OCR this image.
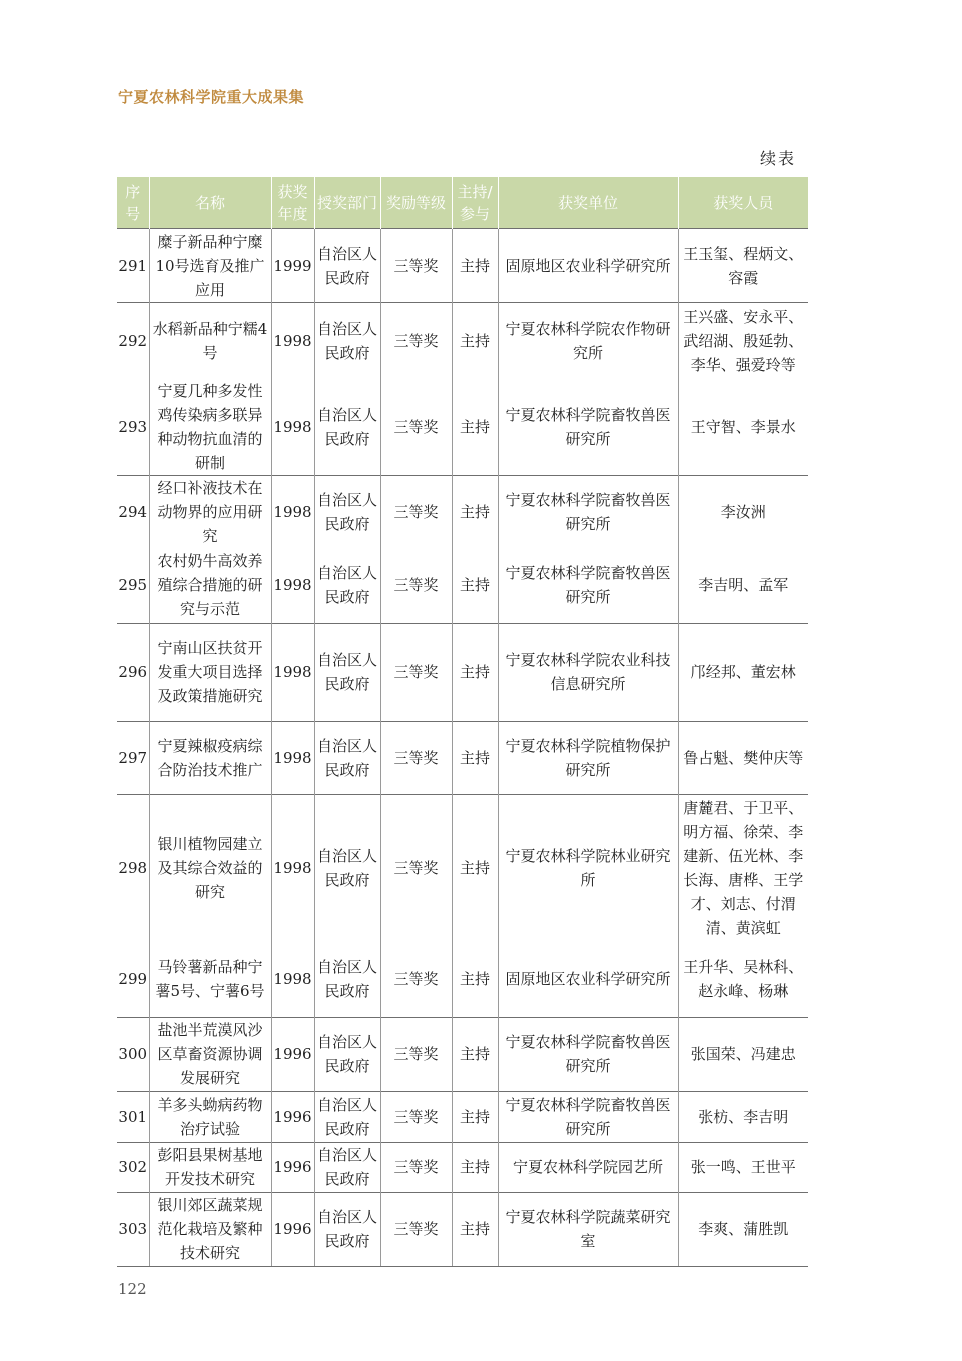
宁夏农林科学院重大成果集
续表
序号	名称	获奖年度	授奖部门	奖励等级	主持/参与	获奖单位	获奖人员
291	糜子新品种宁糜10号选育及推广应用	1999	自治区人民政府	三等奖	主持	固原地区农业科学研究所	王玉玺、程炳文、容霞
292	水稻新品种宁糯4号	1998	自治区人民政府	三等奖	主持	宁夏农林科学院农作物研究所	王兴盛、安永平、武绍湖、殷延勃、李华、强爱玲等
293	宁夏几种多发性鸡传染病多联异种动物抗血清的研制	1998	自治区人民政府	三等奖	主持	宁夏农林科学院畜牧兽医研究所	王守智、李景水
294	经口补液技术在动物界的应用研究	1998	自治区人民政府	三等奖	主持	宁夏农林科学院畜牧兽医研究所	李汝洲
295	农村奶牛高效养殖综合措施的研究与示范	1998	自治区人民政府	三等奖	主持	宁夏农林科学院畜牧兽医研究所	李吉明、孟军
296	宁南山区扶贫开发重大项目选择及政策措施研究	1998	自治区人民政府	三等奖	主持	宁夏农林科学院农业科技信息研究所	邝经邦、董宏林
297	宁夏辣椒疫病综合防治技术推广	1998	自治区人民政府	三等奖	主持	宁夏农林科学院植物保护研究所	鲁占魁、樊仲庆等
298	银川植物园建立及其综合效益的研究	1998	自治区人民政府	三等奖	主持	宁夏农林科学院林业研究所	唐麓君、于卫平、明方福、徐荣、李建新、伍光林、李长海、唐桦、王学才、刘志、付渭清、黄滨虹
299	马铃薯新品种宁薯5号、宁薯6号	1998	自治区人民政府	三等奖	主持	固原地区农业科学研究所	王升华、吴林科、赵永峰、杨琳
300	盐池半荒漠风沙区草畜资源协调发展研究	1996	自治区人民政府	三等奖	主持	宁夏农林科学院畜牧兽医研究所	张国荣、冯建忠
301	羊多头蚴病药物治疗试验	1996	自治区人民政府	三等奖	主持	宁夏农林科学院畜牧兽医研究所	张枋、李吉明
302	彭阳县果树基地开发技术研究	1996	自治区人民政府	三等奖	主持	宁夏农林科学院园艺所	张一鸣、王世平
303	银川郊区蔬菜规范化栽培及繁种技术研究	1996	自治区人民政府	三等奖	主持	宁夏农林科学院蔬菜研究室	李爽、蒲胜凯
122
